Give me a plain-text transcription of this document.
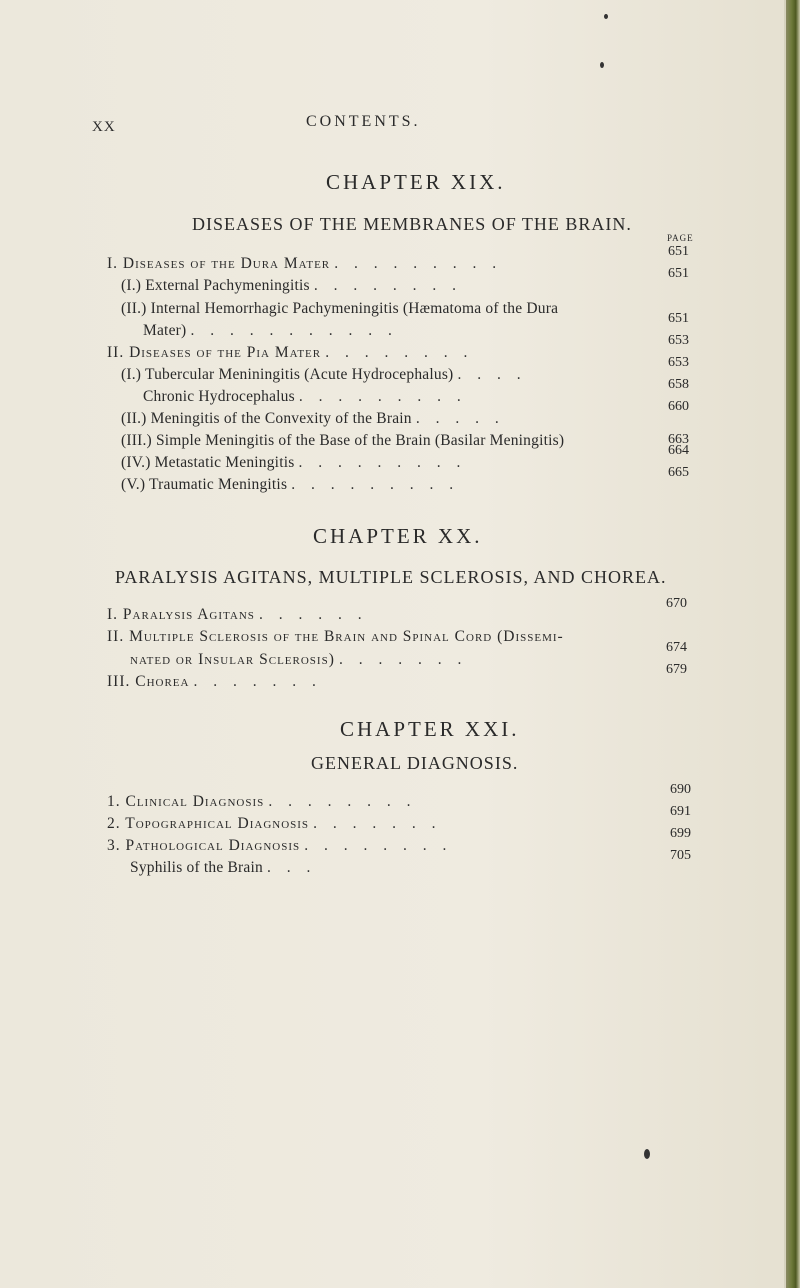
XX	CONTENTS.
CHAPTER XIX.
DISEASES OF THE MEMBRANES OF THE BRAIN.
PAGE
I. Diseases of the Dura Mater . . . . . . . . .
651
(I.) External Pachymeningitis . . . . . . . .
651
(II.) Internal Hemorrhagic Pachymeningitis (Hæmatoma of the Dura
Mater) . . . . . . . . . . .
651
II. Diseases of the Pia Mater . . . . . . . .
653
(I.) Tubercular Meniningitis (Acute Hydrocephalus) . . . .
653
Chronic Hydrocephalus . . . . . . . . .
658
(II.) Meningitis of the Convexity of the Brain . . . . .
660
(III.) Simple Meningitis of the Base of the Brain (Basilar Meningitis)	663
(IV.) Metastatic Meningitis . . . . . . . . .
664
(V.) Traumatic Meningitis . . . . . . . . .
665
CHAPTER XX.
PARALYSIS AGITANS, MULTIPLE SCLEROSIS, AND CHOREA.
I. Paralysis Agitans . . . . . .
670
II. Multiple Sclerosis of the Brain and Spinal Cord (Dissemi-
nated or Insular Sclerosis) . . . . . . .
674
III. Chorea . . . . . . .
679
CHAPTER XXI.
GENERAL DIAGNOSIS.
1. Clinical Diagnosis . . . . . . . .
690
2. Topographical Diagnosis . . . . . . .
691
3. Pathological Diagnosis . . . . . . . .
699
Syphilis of the Brain . . .
705
